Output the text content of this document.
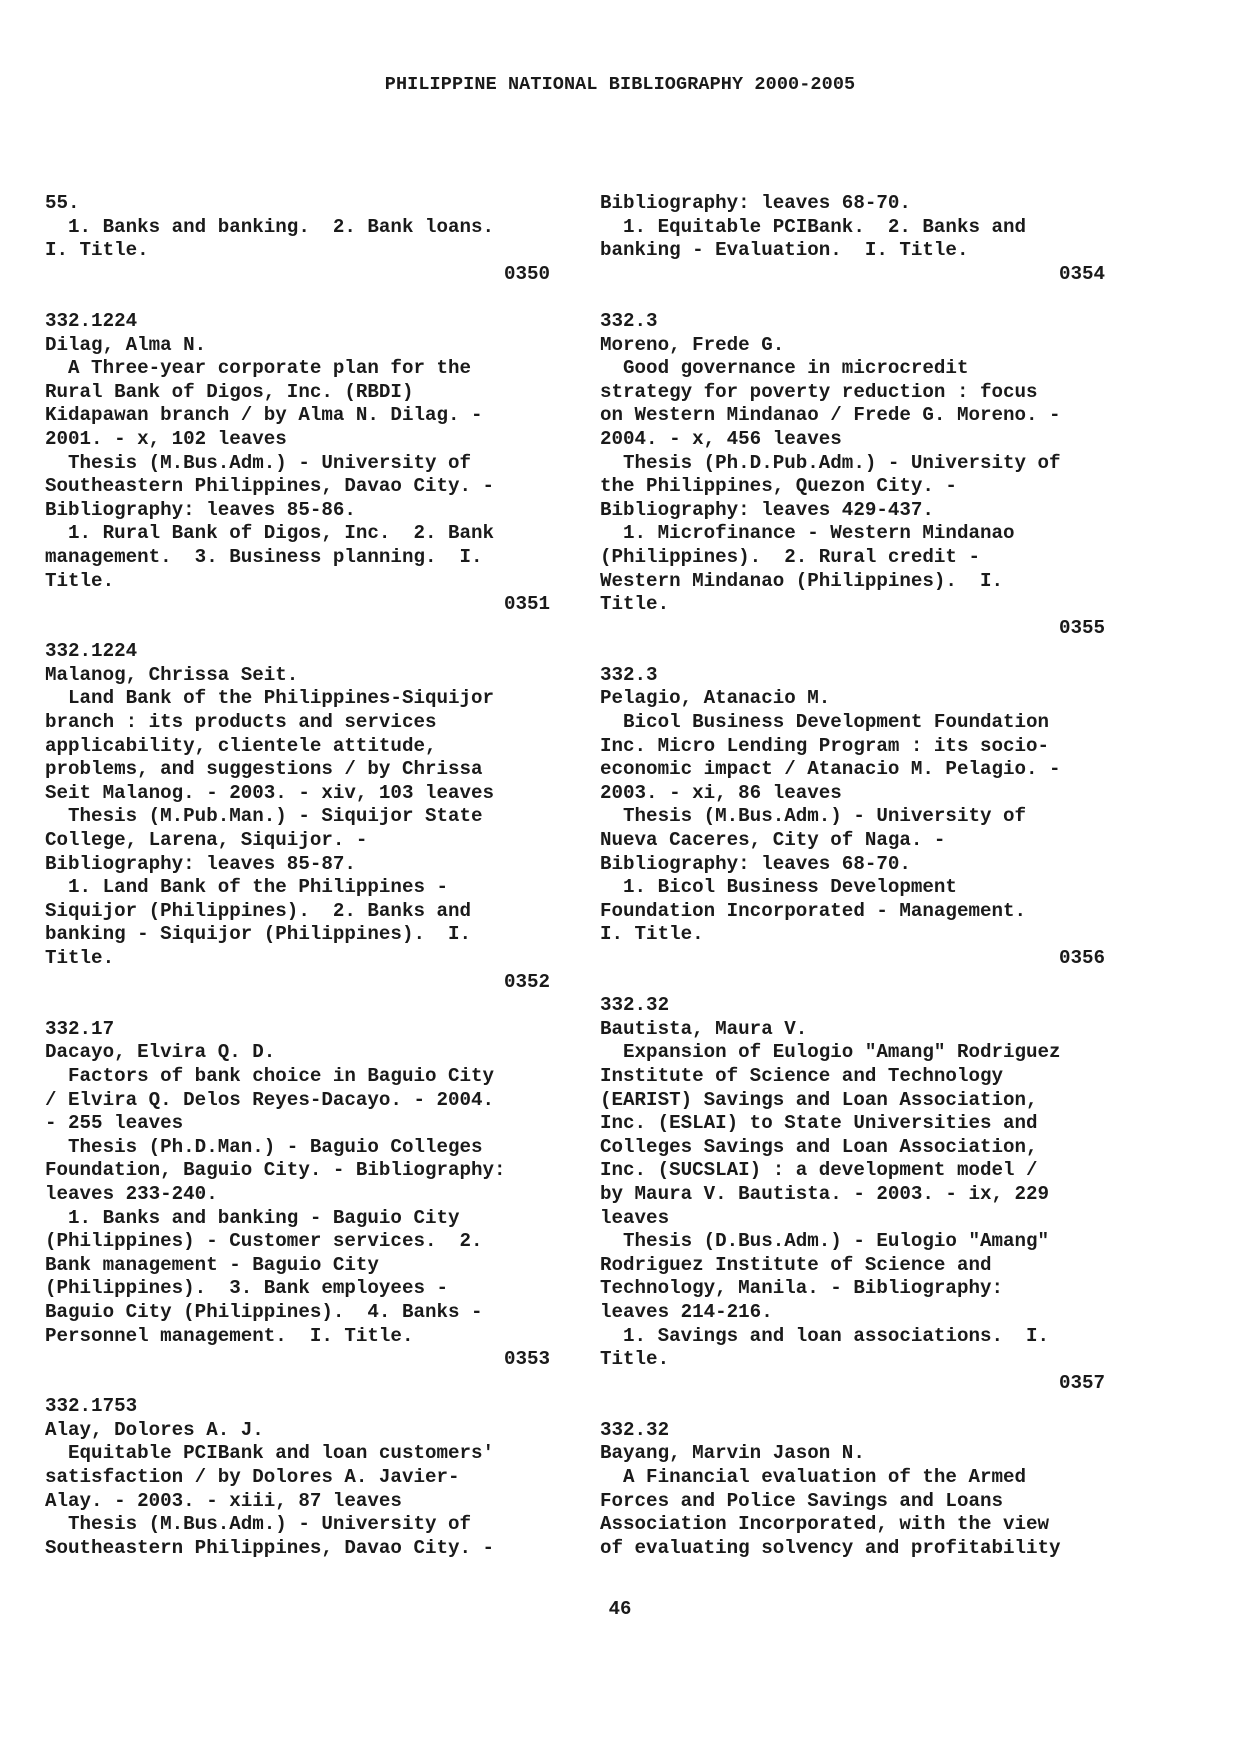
PHILIPPINE NATIONAL BIBLIOGRAPHY 2000-2005
55.
1. Banks and banking.  2. Bank loans.
I. Title.
0350
332.1224
Dilag, Alma N.
A Three-year corporate plan for the
Rural Bank of Digos, Inc. (RBDI)
Kidapawan branch / by Alma N. Dilag. -
2001. - x, 102 leaves
Thesis (M.Bus.Adm.) - University of
Southeastern Philippines, Davao City. -
Bibliography: leaves 85-86.
1. Rural Bank of Digos, Inc.  2. Bank
management.  3. Business planning.  I.
Title.
0351
332.1224
Malanog, Chrissa Seit.
Land Bank of the Philippines-Siquijor
branch : its products and services
applicability, clientele attitude,
problems, and suggestions / by Chrissa
Seit Malanog. - 2003. - xiv, 103 leaves
Thesis (M.Pub.Man.) - Siquijor State
College, Larena, Siquijor. -
Bibliography: leaves 85-87.
1. Land Bank of the Philippines -
Siquijor (Philippines).  2. Banks and
banking - Siquijor (Philippines).  I.
Title.
0352
332.17
Dacayo, Elvira Q. D.
Factors of bank choice in Baguio City
/ Elvira Q. Delos Reyes-Dacayo. - 2004.
- 255 leaves
Thesis (Ph.D.Man.) - Baguio Colleges
Foundation, Baguio City. - Bibliography:
leaves 233-240.
1. Banks and banking - Baguio City
(Philippines) - Customer services.  2.
Bank management - Baguio City
(Philippines).  3. Bank employees -
Baguio City (Philippines).  4. Banks -
Personnel management.  I. Title.
0353
332.1753
Alay, Dolores A. J.
Equitable PCIBank and loan customers'
satisfaction / by Dolores A. Javier-
Alay. - 2003. - xiii, 87 leaves
Thesis (M.Bus.Adm.) - University of
Southeastern Philippines, Davao City. -
Bibliography: leaves 68-70.
1. Equitable PCIBank.  2. Banks and
banking - Evaluation.  I. Title.
0354
332.3
Moreno, Frede G.
Good governance in microcredit
strategy for poverty reduction : focus
on Western Mindanao / Frede G. Moreno. -
2004. - x, 456 leaves
Thesis (Ph.D.Pub.Adm.) - University of
the Philippines, Quezon City. -
Bibliography: leaves 429-437.
1. Microfinance - Western Mindanao
(Philippines).  2. Rural credit -
Western Mindanao (Philippines).  I.
Title.
0355
332.3
Pelagio, Atanacio M.
Bicol Business Development Foundation
Inc. Micro Lending Program : its socio-
economic impact / Atanacio M. Pelagio. -
2003. - xi, 86 leaves
Thesis (M.Bus.Adm.) - University of
Nueva Caceres, City of Naga. -
Bibliography: leaves 68-70.
1. Bicol Business Development
Foundation Incorporated - Management.
I. Title.
0356
332.32
Bautista, Maura V.
Expansion of Eulogio "Amang" Rodriguez
Institute of Science and Technology
(EARIST) Savings and Loan Association,
Inc. (ESLAI) to State Universities and
Colleges Savings and Loan Association,
Inc. (SUCSLAI) : a development model /
by Maura V. Bautista. - 2003. - ix, 229
leaves
Thesis (D.Bus.Adm.) - Eulogio "Amang"
Rodriguez Institute of Science and
Technology, Manila. - Bibliography:
leaves 214-216.
1. Savings and loan associations.  I.
Title.
0357
332.32
Bayang, Marvin Jason N.
A Financial evaluation of the Armed
Forces and Police Savings and Loans
Association Incorporated, with the view
of evaluating solvency and profitability
46
